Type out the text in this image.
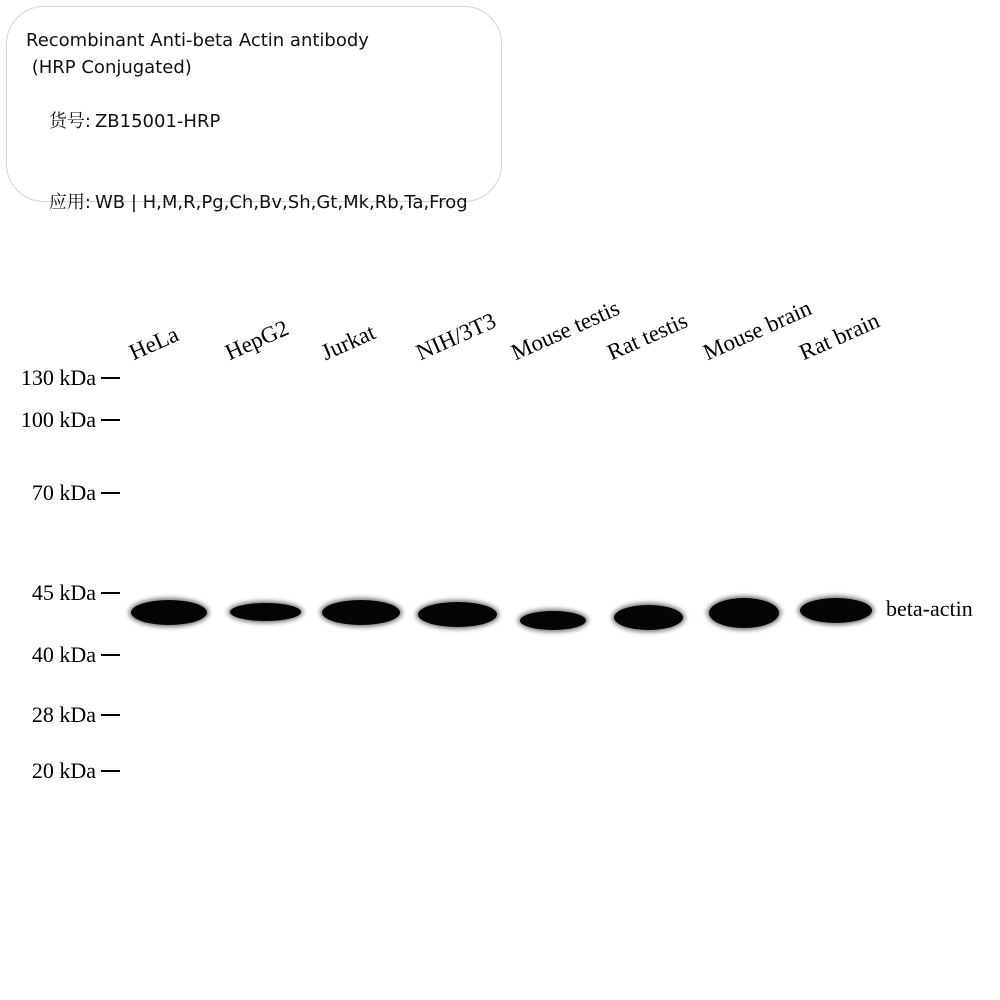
Recombinant Anti-beta Actin antibody
(HRP Conjugated)

货号: ZB15001-HRP

应用: WB | H,M,R,Pg,Ch,Bv,Sh,Gt,Mk,Rb,Ta,Frog

HeLa HepG2 Jurkat NIH/3T3 Mouse testis
Rat testis Mouse brain
Rat brain
130 kDa
100 kDa
70 kDa
45 kDa
40 kDa
28 kDa
20 kDa
beta-actin
